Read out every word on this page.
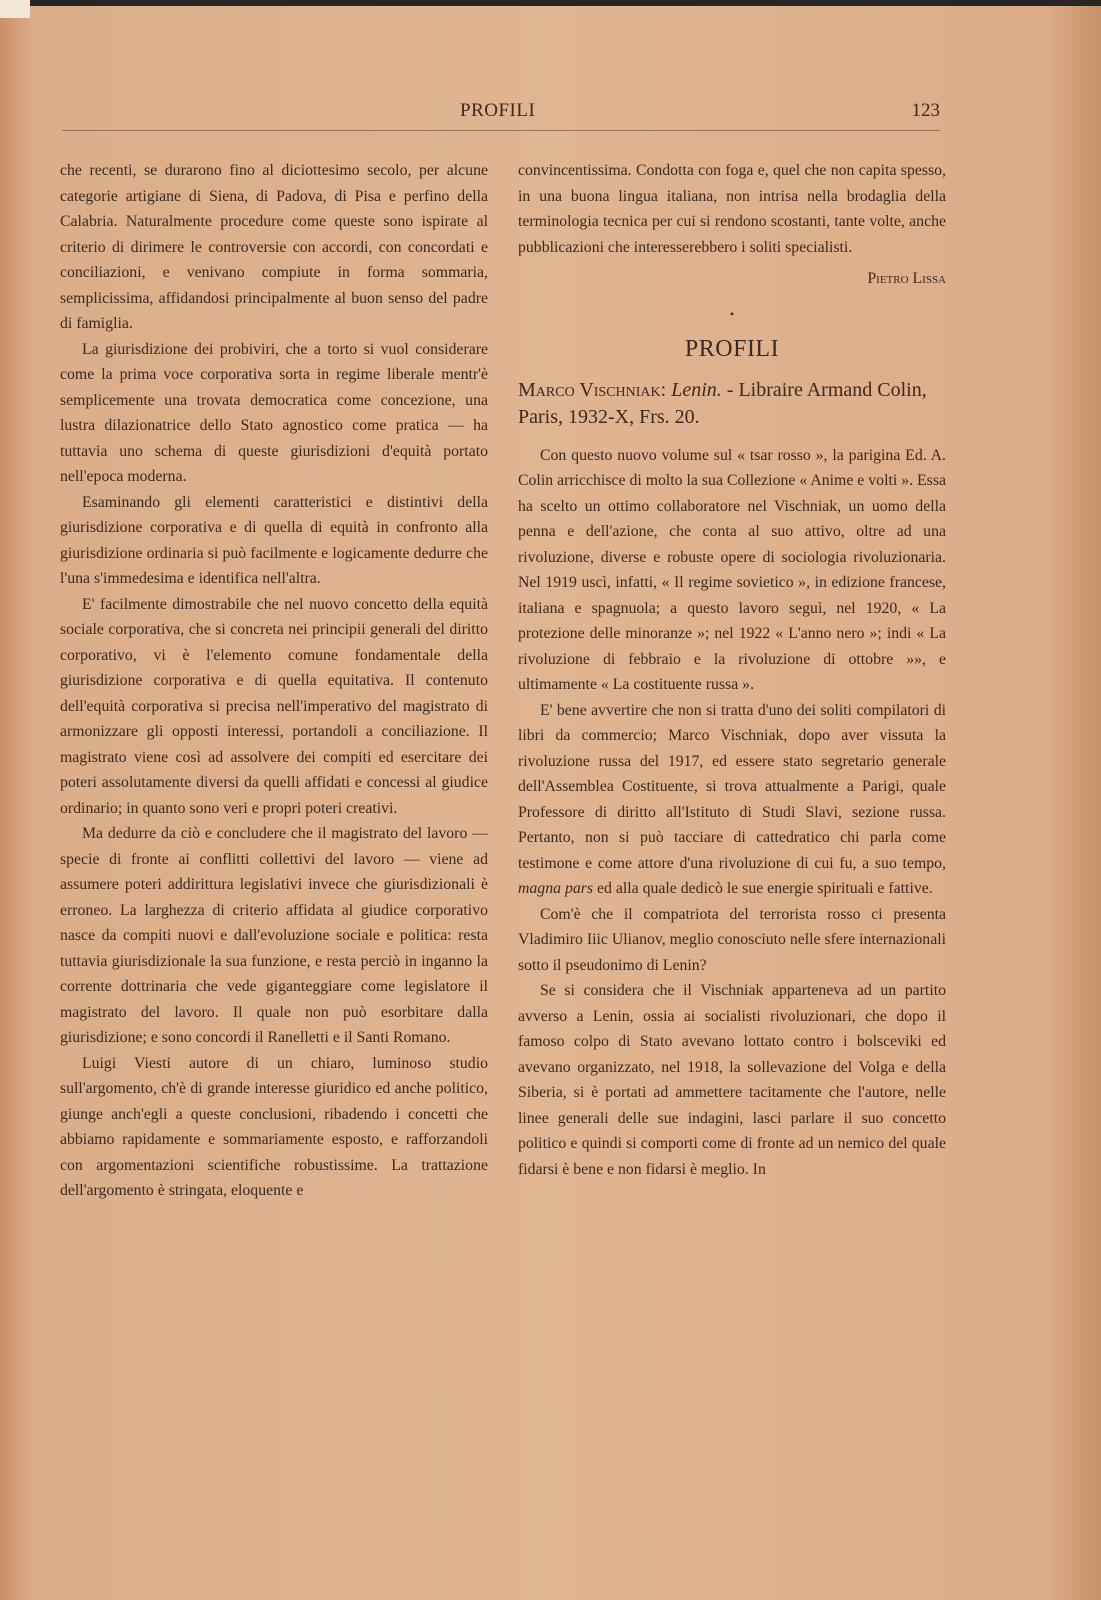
PROFILI	123

che recenti, se durarono fino al diciottesimo secolo, per alcune categorie artigiane di Siena, di Padova, di Pisa e perfino della Calabria. Naturalmente procedure come queste sono ispirate al criterio di dirimere le controversie con accordi, con concordati e conciliazioni, e venivano compiute in forma sommaria, semplicissima, affidandosi principalmente al buon senso del padre di famiglia.

La giurisdizione dei probiviri, che a torto si vuol considerare come la prima voce corporativa sorta in regime liberale mentr'è semplicemente una trovata democratica come concezione, una lustra dilazionatrice dello Stato agnostico come pratica — ha tuttavia uno schema di queste giurisdizioni d'equità portato nell'epoca moderna.

Esaminando gli elementi caratteristici e distintivi della giurisdizione corporativa e di quella di equità in confronto alla giurisdizione ordinaria si può facilmente e logicamente dedurre che l'una s'immedesima e identifica nell'altra.

E' facilmente dimostrabile che nel nuovo concetto della equità sociale corporativa, che si concreta nei principii generali del diritto corporativo, vi è l'elemento comune fondamentale della giurisdizione corporativa e di quella equitativa. Il contenuto dell'equità corporativa si precisa nell'imperativo del magistrato di armonizzare gli opposti interessi, portandoli a conciliazione. Il magistrato viene così ad assolvere dei compiti ed esercitare dei poteri assolutamente diversi da quelli affidati e concessi al giudice ordinario; in quanto sono veri e propri poteri creativi.

Ma dedurre da ciò e concludere che il magistrato del lavoro — specie di fronte ai conflitti collettivi del lavoro — viene ad assumere poteri addirittura legislativi invece che giurisdizionali è erroneo. La larghezza di criterio affidata al giudice corporativo nasce da compiti nuovi e dall'evoluzione sociale e politica: resta tuttavia giurisdizionale la sua funzione, e resta perciò in inganno la corrente dottrinaria che vede giganteggiare come legislatore il magistrato del lavoro. Il quale non può esorbitare dalla giurisdizione; e sono concordi il Ranelletti e il Santi Romano.

Luigi Viesti autore di un chiaro, luminoso studio sull'argomento, ch'è di grande interesse giuridico ed anche politico, giunge anch'egli a queste conclusioni, ribadendo i concetti che abbiamo rapidamente e sommariamente esposto, e rafforzandoli con argomentazioni scientifiche robustissime. La trattazione dell'argomento è stringata, eloquente e

convincentissima. Condotta con foga e, quel che non capita spesso, in una buona lingua italiana, non intrisa nella brodaglia della terminologia tecnica per cui si rendono scostanti, tante volte, anche pubblicazioni che interesserebbero i soliti specialisti.

Pietro Lissa
•
PROFILI
Marco Vischniak: Lenin. - Libraire Armand Colin, Paris, 1932-X, Frs. 20.

Con questo nuovo volume sul « tsar rosso », la parigina Ed. A. Colin arricchisce di molto la sua Collezione « Anime e volti ». Essa ha scelto un ottimo collaboratore nel Vischniak, un uomo della penna e dell'azione, che conta al suo attivo, oltre ad una rivoluzione, diverse e robuste opere di sociologia rivoluzionaria. Nel 1919 uscì, infatti, « Il regime sovietico », in edizione francese, italiana e spagnuola; a questo lavoro seguì, nel 1920, « La protezione delle minoranze »; nel 1922 « L'anno nero »; indi « La rivoluzione di febbraio e la rivoluzione di ottobre »», e ultimamente « La costituente russa ».

E' bene avvertire che non si tratta d'uno dei soliti compilatori di libri da commercio; Marco Vischniak, dopo aver vissuta la rivoluzione russa del 1917, ed essere stato segretario generale dell'Assemblea Costituente, si trova attualmente a Parigi, quale Professore di diritto all'Istituto di Studi Slavi, sezione russa. Pertanto, non si può tacciare di cattedratico chi parla come testimone e come attore d'una rivoluzione di cui fu, a suo tempo, magna pars ed alla quale dedicò le sue energie spirituali e fattive.

Com'è che il compatriota del terrorista rosso ci presenta Vladimiro Iiic Ulianov, meglio conosciuto nelle sfere internazionali sotto il pseudonimo di Lenin?

Se si considera che il Vischniak apparteneva ad un partito avverso a Lenin, ossia ai socialisti rivoluzionari, che dopo il famoso colpo di Stato avevano lottato contro i bolsceviki ed avevano organizzato, nel 1918, la sollevazione del Volga e della Siberia, si è portati ad ammettere tacitamente che l'autore, nelle linee generali delle sue indagini, lasci parlare il suo concetto politico e quindi si comporti come di fronte ad un nemico del quale fidarsi è bene e non fidarsi è meglio. In
